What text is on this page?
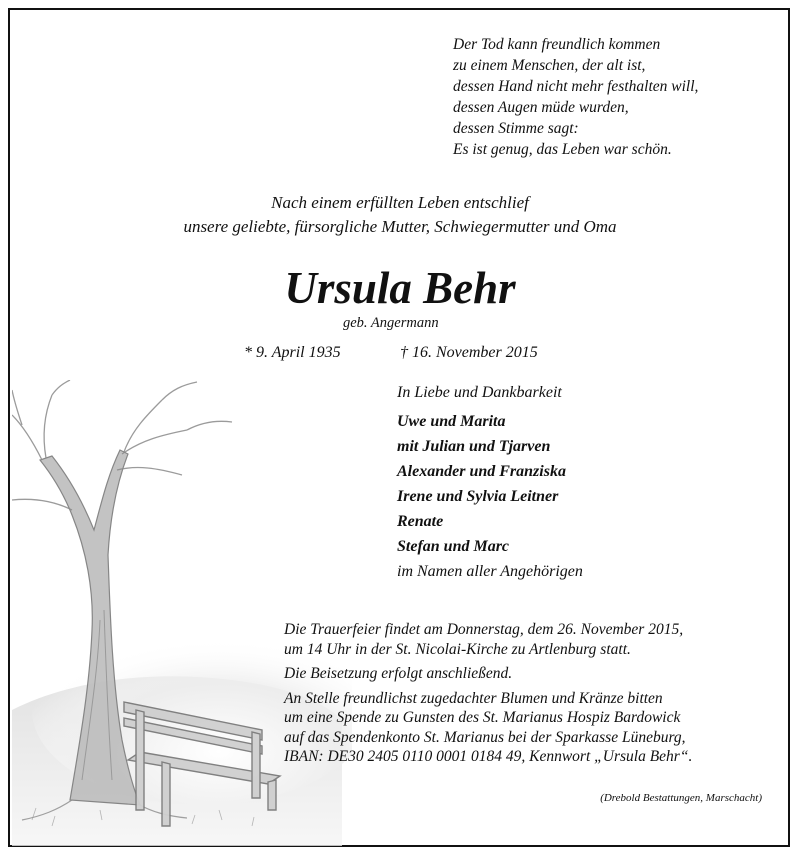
Der Tod kann freundlich kommen
zu einem Menschen, der alt ist,
dessen Hand nicht mehr festhalten will,
dessen Augen müde wurden,
dessen Stimme sagt:
Es ist genug, das Leben war schön.
Nach einem erfüllten Leben entschlief
unsere geliebte, fürsorgliche Mutter, Schwiegermutter und Oma
Ursula Behr
geb. Angermann
* 9. April 1935	† 16. November 2015
In Liebe und Dankbarkeit
Uwe und Marita
mit Julian und Tjarven
Alexander und Franziska
Irene und Sylvia Leitner
Renate
Stefan und Marc
im Namen aller Angehörigen
Die Trauerfeier findet am Donnerstag, dem 26. November 2015,
um 14 Uhr in der St. Nicolai-Kirche zu Artlenburg statt.
Die Beisetzung erfolgt anschließend.
An Stelle freundlichst zugedachter Blumen und Kränze bitten
um eine Spende zu Gunsten des St. Marianus Hospiz Bardowick
auf das Spendenkonto St. Marianus bei der Sparkasse Lüneburg,
IBAN: DE30 2405 0110 0001 0184 49, Kennwort „Ursula Behr“.
(Drebold Bestattungen, Marschacht)
